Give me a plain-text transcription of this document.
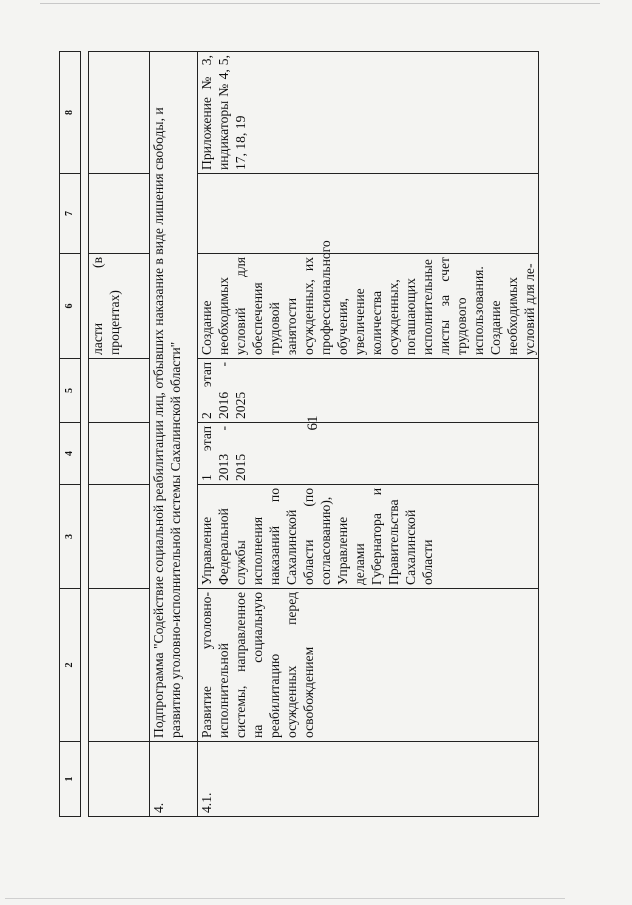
61
1	2	3	4	5	6	7	8
					ласти (в процентах)		
4.	Подпрограмма "Содействие социальной реабилитации лиц, отбывших наказание в виде лишения свободы, и развитию уголовно-исполнительной системы Сахалинской области"						
4.1.	Развитие уголовно-исполнительной системы, направленное на социальную реабилитацию осужденных перед освобождением	Управление Федеральной службы исполнения наказаний по Сахалинской области (по согласованию), Управление делами Губернатора и Правительства Сахалинской области	1 этап 2013 - 2015	2 этап 2016 - 2025	Создание необходимых условий для обеспечения трудовой занятости осужденных, их профессионального обучения, увеличение количества осужденных, погашающих исполнительные листы за счет трудового использования. Создание необходимых условий для ле-		Приложение № 3, индикаторы № 4, 5, 17, 18, 19
